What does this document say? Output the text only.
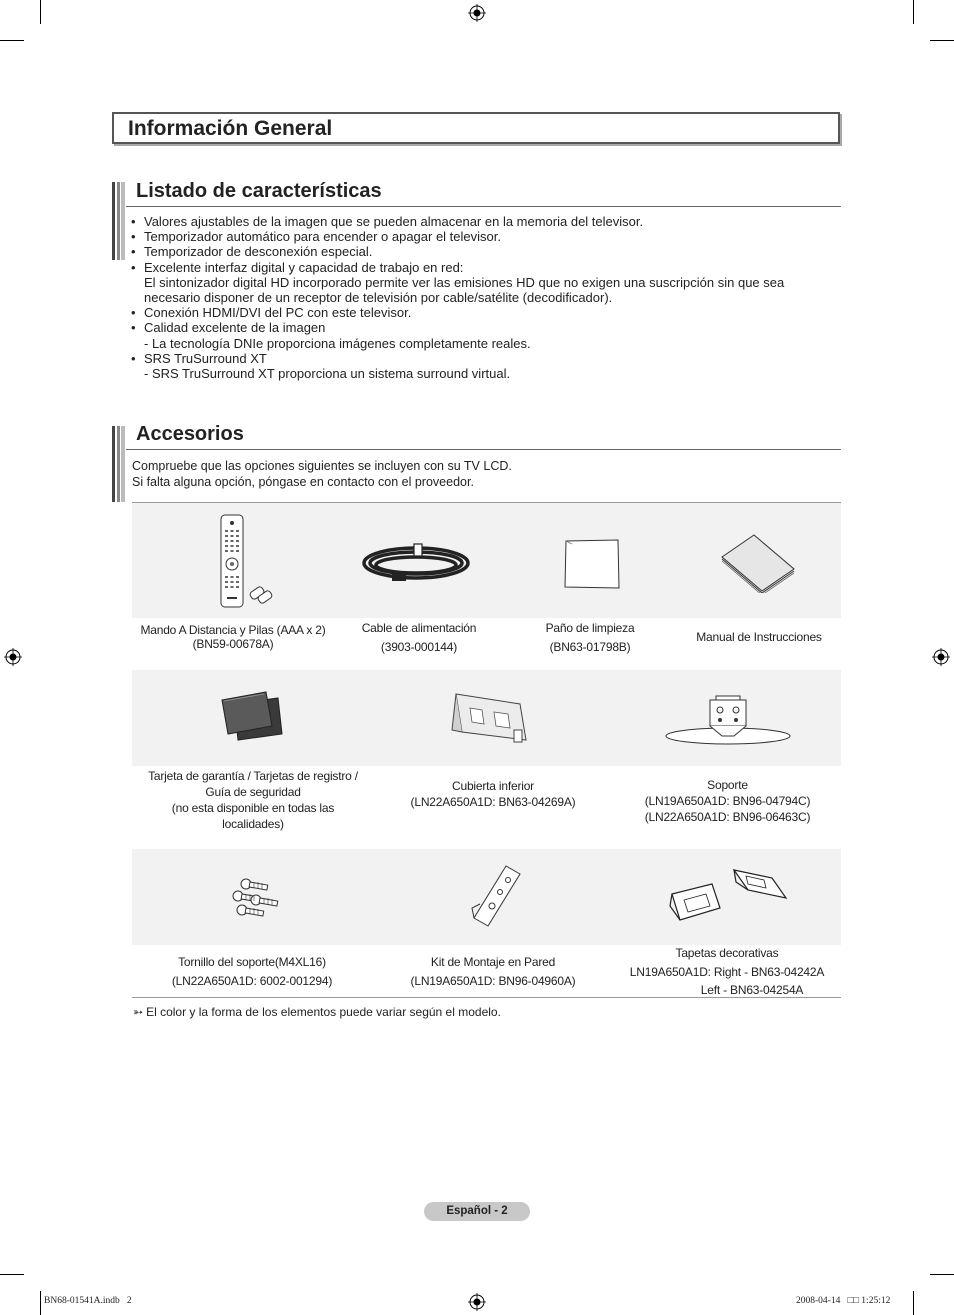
Información General
Listado de características
• Valores ajustables de la imagen que se pueden almacenar en la memoria del televisor.
• Temporizador automático para encender o apagar el televisor.
• Temporizador de desconexión especial.
• Excelente interfaz digital y capacidad de trabajo en red:
El sintonizador digital HD incorporado permite ver las emisiones HD que no exigen una suscripción sin que sea
necesario disponer de un receptor de televisión por cable/satélite (decodificador).
• Conexión HDMI/DVI del PC con este televisor.
• Calidad excelente de la imagen
- La tecnología DNIe proporciona imágenes completamente reales.
• SRS TruSurround XT
- SRS TruSurround XT proporciona un sistema surround virtual.
Accesorios
Compruebe que las opciones siguientes se incluyen con su TV LCD.
Si falta alguna opción, póngase en contacto con el proveedor.
Mando A Distancia y Pilas (AAA x 2)
(BN59-00678A)
Cable de alimentación
(3903-000144)
Paño de limpieza
(BN63-01798B)
Manual de Instrucciones
Tarjeta de garantía / Tarjetas de registro /
Guía de seguridad
(no esta disponible en todas las
localidades)
Cubierta inferior
(LN22A650A1D: BN63-04269A)
Soporte
(LN19A650A1D: BN96-04794C)
(LN22A650A1D: BN96-06463C)
Tornillo del soporte(M4XL16)
(LN22A650A1D: 6002-001294)
Kit de Montaje en Pared
(LN19A650A1D: BN96-04960A)
Tapetas decorativas
LN19A650A1D: Right - BN63-04242A
Left - BN63-04254A
➳ El color y la forma de los elementos puede variar según el modelo.
Español - 2
BN68-01541A.indb   2	2008-04-14   □□ 1:25:12
